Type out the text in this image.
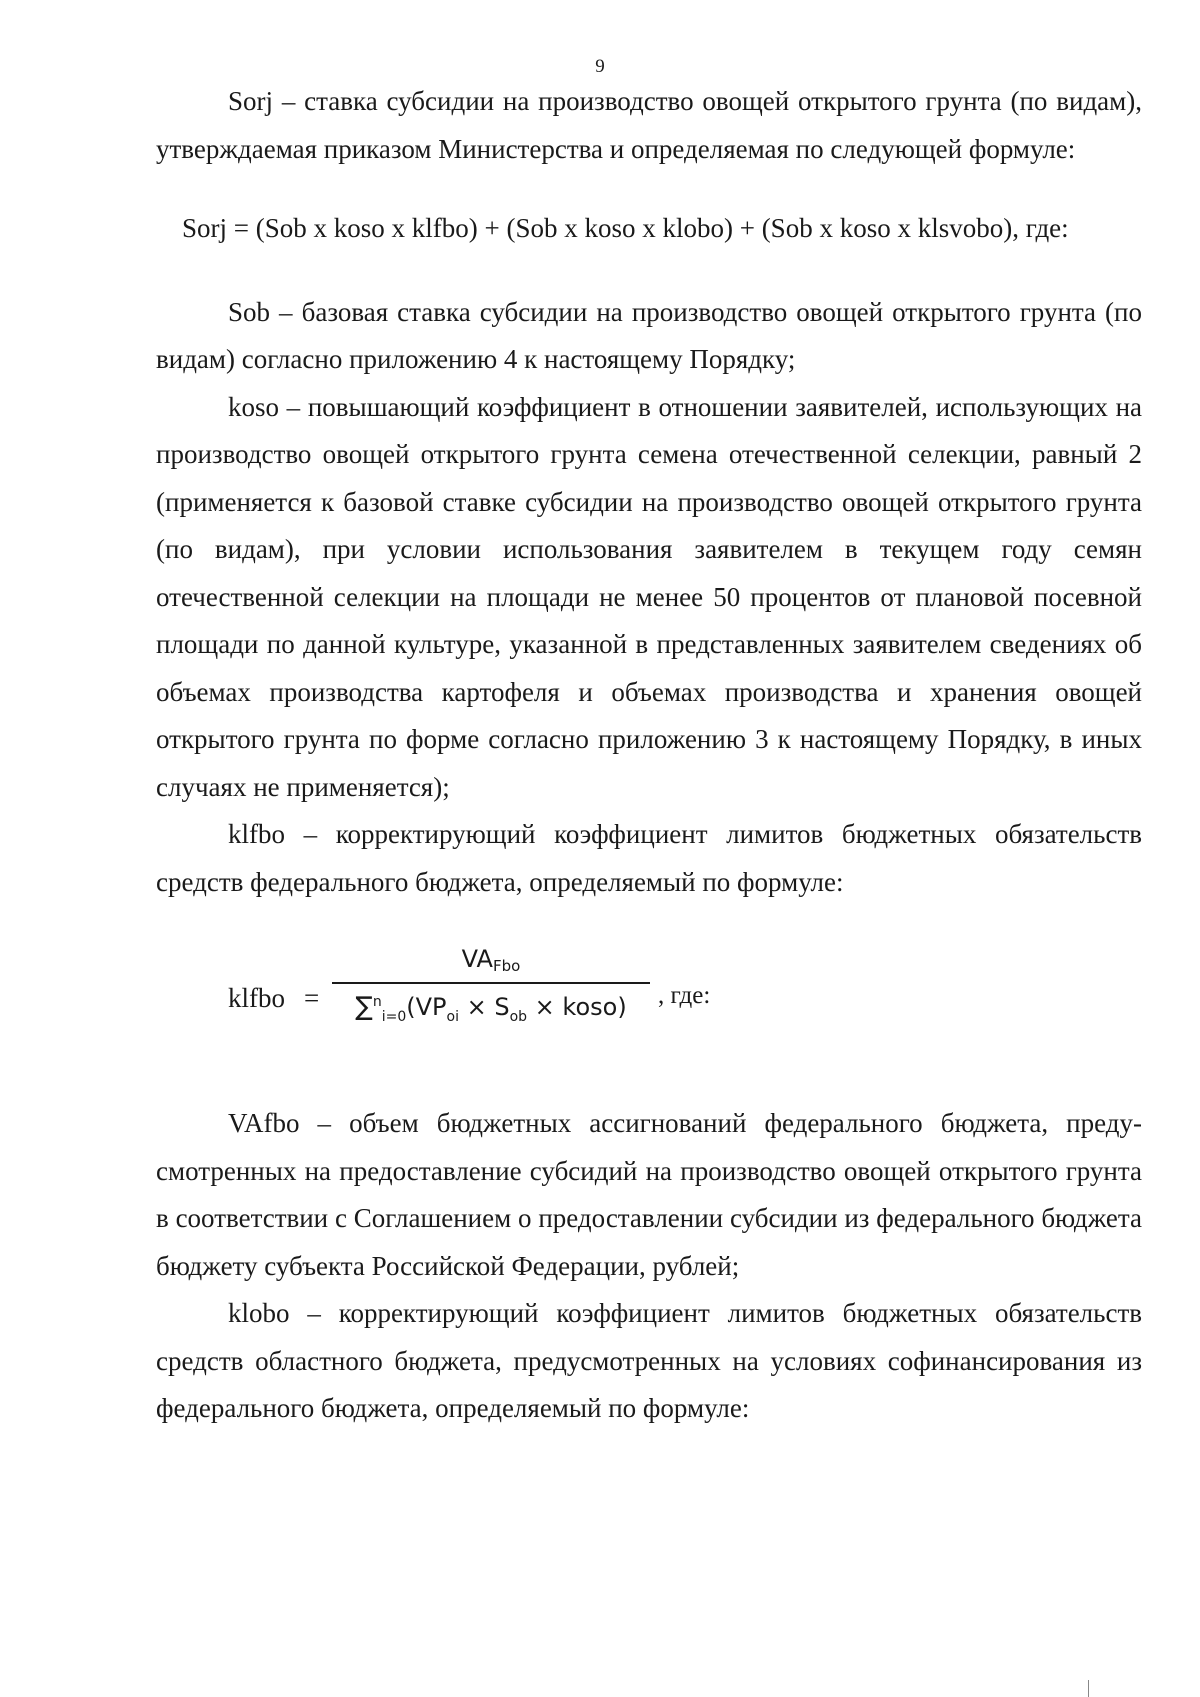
9

Sorj – ставка субсидии на производство овощей открытого грунта (по видам), утверждаемая приказом Министерства и определяемая по следующей формуле:

Sorj = (Sob x koso x klfbo) + (Sob x koso x klobo) + (Sob x koso x klsvobo), где:

Sob – базовая ставка субсидии на производство овощей открытого грунта (по видам) согласно приложению 4 к настоящему Порядку;

koso – повышающий коэффициент в отношении заявителей, использующих на производство овощей открытого грунта семена отечественной селекции, равный 2 (применяется к базовой ставке субсидии на производство овощей открытого грунта (по видам), при условии использования заявителем в текущем году семян отечественной селекции на площади не менее 50 процентов от плановой посевной площади по данной культуре, указанной в представленных заявителем сведениях об объемах производства картофеля и объемах производства и хранения овощей открытого грунта по форме согласно приложению 3 к настоящему Порядку, в иных случаях не применяется);

klfbo – корректирующий коэффициент лимитов бюджетных обязательств средств федерального бюджета, определяемый по формуле:

klfbo =
$VA_{Fbo}$
$\sum^n_{i=0}(VP_{oi} \times S_{ob}$ × koso)	, где:

VAfbo – объем бюджетных ассигнований федерального бюджета, предусмотренных на предоставление субсидий на производство овощей открытого грунта в соответствии с Соглашением о предоставлении субсидии из федерального бюджета бюджету субъекта Российской Федерации, рублей;

klobo – корректирующий коэффициент лимитов бюджетных обязательств средств областного бюджета, предусмотренных на условиях софинансирования из федерального бюджета, определяемый по формуле:
